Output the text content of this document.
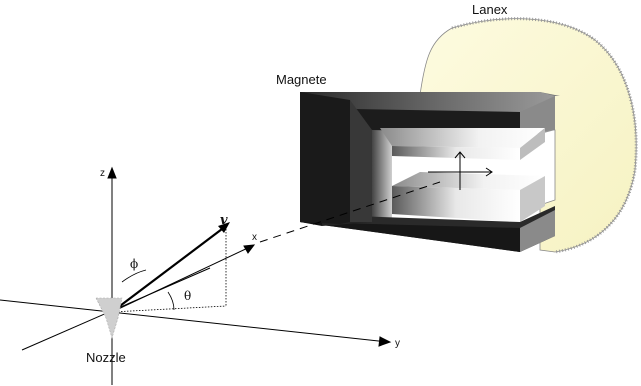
Lanex
Magnete
Nozzle
z
x
y
v
ϕ
θ
